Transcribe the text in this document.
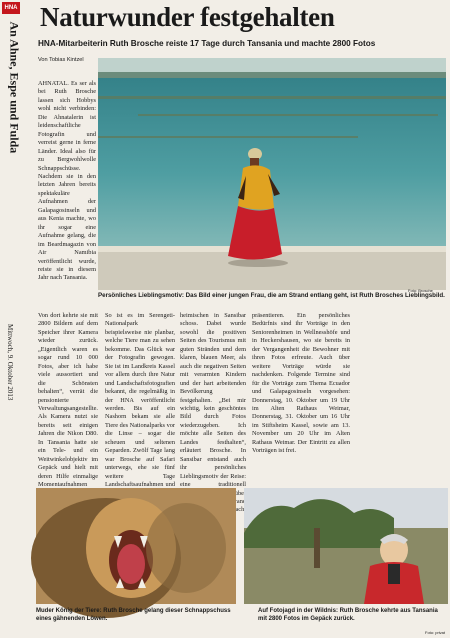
HNA
An Ahne, Espe und Fulda
Mittwoch, 9. Oktober 2013
Naturwunder festgehalten
HNA-Mitarbeiterin Ruth Brosche reiste 17 Tage durch Tansania und machte 2800 Fotos
Von Tobias Kintzel
AHNATAL. Es ser als bei Ruth Brosche lassen sich Hobbys wohl nicht verbinden: Die Ahnatalerin ist leidenschaftliche Fotografin und verreist gerne in ferne Länder. Ideal also für zu Bergwohlwolle Schnappschüsse. Nachdem sie in den letzten Jahren bereits spektakuläre Aufnahmen der Galapagosinseln und aus Kenia machte, wo ihr sogar eine Aufnahme gelang, die im Beardmagazin von Air Namibia veröffentlicht wurde, reiste sie in diesem Jahr nach Tansania.
Persönliches Lieblingsmotiv: Das Bild einer jungen Frau, die am Strand entlang geht, ist Ruth Brosches Lieblingsbild.
Foto: Brosche
Von dort kehrte sie mit 2800 Bildern auf dem Speicher ihrer Kamera wieder zurück. „Eigentlich waren es sogar rund 10 000 Fotos, aber ich habe viele aussortiert und die Schönsten behalten“, verrät die pensionierte Verwaltungsangestellte. Als Kamera nutzt sie bereits seit einigen Jahren die Nikon D80. In Tansania hatte sie ein Tele- und ein Weitwinkelobjektiv im Gepäck und hielt mit deren Hilfe einmalige Momentaufnahmen
So ist es im Serengeti-Nationalpark beispielsweise nie planbar, welche Tiere man zu sehen bekomme. Das Glück war der Fotografin gewogen. Sie ist im Landkreis Kassel vor allem durch ihre Natur und Landschaftsfotografien bekannt, die regelmäßig in der HNA veröffentlicht werden. Bis auf ein Nashorn bekam sie alle Tiere des Nationalparks vor die Linse – sogar die scheuen und seltenen Geparden. Zwölf Tage lang war Brosche auf Safari unterwegs, ehe sie fünf weitere Tage Landschaftsaufnahmen und
heimischen in Sansibar schoss. Dabei wurde sowohl die positiven Seiten des Tourismus mit guten Stränden und dem klaren, blauen Meer, als auch die negativen Seiten mit verarmten Kindern und der hart arbeitenden Bevölkerung festgehalten. „Bei mir wichtig, kein geschöntes Bild durch Fotos wiederzugeben. Ich möchte alle Seiten des Landes festhalten“, erläutert Brosche. In Sansibar entstand auch ihr persönliches Lieblingsmotiv der Reise: eine traditionell über macht
präsentieren. Ein persönliches Bedürfnis sind ihr Vorträge in den Seniorenheimen in Wellnesshöfe und in Heckershausen, wo sie bereits in der Vergangenheit die Bewohner mit ihren Fotos erfreute. Auch über weitere Vorträge würde sie nachdenken. Folgende Termine sind für die Vorträge zum Thema Ecuador und Galapagosinseln vorgesehen: Donnerstag, 10. Oktober um 19 Uhr im Alten Rathaus Weimar, Donnerstag, 31. Oktober um 16 Uhr im Stiftsheim Kassel, sowie am 13. November um 20 Uhr im Alten Rathaus Weimar. Der Eintritt zu allen Vorträgen ist frei.
Muder König der Tiere: Ruth Brosche gelang dieser Schnappschuss eines gähnenden Löwen.
Auf Fotojagd in der Wildnis: Ruth Brosche kehrte aus Tansania mit 2800 Fotos im Gepäck zurück.
Foto: privat
